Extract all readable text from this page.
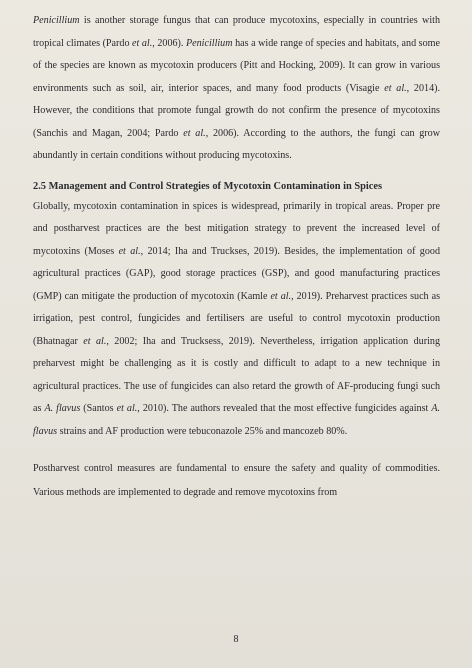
Penicillium is another storage fungus that can produce mycotoxins, especially in countries with tropical climates (Pardo et al., 2006). Penicillium has a wide range of species and habitats, and some of the species are known as mycotoxin producers (Pitt and Hocking, 2009). It can grow in various environments such as soil, air, interior spaces, and many food products (Visagie et al., 2014). However, the conditions that promote fungal growth do not confirm the presence of mycotoxins (Sanchis and Magan, 2004; Pardo et al., 2006). According to the authors, the fungi can grow abundantly in certain conditions without producing mycotoxins.

2.5 Management and Control Strategies of Mycotoxin Contamination in Spices

Globally, mycotoxin contamination in spices is widespread, primarily in tropical areas. Proper pre and postharvest practices are the best mitigation strategy to prevent the increased level of mycotoxins (Moses et al., 2014; Iha and Truckses, 2019). Besides, the implementation of good agricultural practices (GAP), good storage practices (GSP), and good manufacturing practices (GMP) can mitigate the production of mycotoxin (Kamle et al., 2019). Preharvest practices such as irrigation, pest control, fungicides and fertilisers are useful to control mycotoxin production (Bhatnagar et al., 2002; Iha and Trucksess, 2019). Nevertheless, irrigation application during preharvest might be challenging as it is costly and difficult to adapt to a new technique in agricultural practices. The use of fungicides can also retard the growth of AF-producing fungi such as A. flavus (Santos et al., 2010). The authors revealed that the most effective fungicides against A. flavus strains and AF production were tebuconazole 25% and mancozeb 80%.

Postharvest control measures are fundamental to ensure the safety and quality of commodities. Various methods are implemented to degrade and remove mycotoxins from

8
